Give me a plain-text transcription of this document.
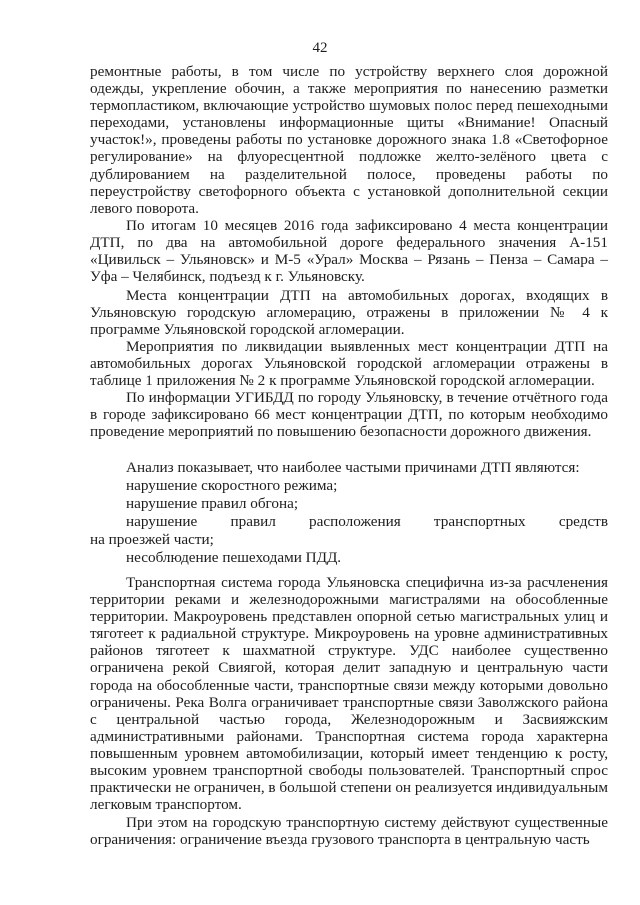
42

ремонтные работы, в том числе по устройству верхнего слоя дорожной одежды, укрепление обочин, а также мероприятия по нанесению разметки термопластиком, включающие устройство шумовых полос перед пешеходными переходами, установлены информационные щиты «Внимание! Опасный участок!», проведены работы по установке дорожного знака 1.8 «Светофорное регулирование» на флуоресцентной подложке желто-зелёного цвета с дублированием на разделительной полосе, проведены работы по переустройству светофорного объекта с установкой дополнительной секции левого поворота.

По итогам 10 месяцев 2016 года зафиксировано 4 места концентрации ДТП, по два на автомобильной дороге федерального значения А-151 «Цивильск – Ульяновск» и М-5 «Урал» Москва – Рязань – Пенза – Самара – Уфа – Челябинск, подъезд к г. Ульяновску.

Места концентрации ДТП на автомобильных дорогах, входящих в Ульяновскую городскую агломерацию, отражены в приложении № 4 к программе Ульяновской городской агломерации.

Мероприятия по ликвидации выявленных мест концентрации ДТП на автомобильных дорогах Ульяновской городской агломерации отражены в таблице 1 приложения № 2 к программе Ульяновской городской агломерации.

По информации УГИБДД по городу Ульяновску, в течение отчётного года в городе зафиксировано 66 мест концентрации ДТП, по которым необходимо проведение мероприятий по повышению безопасности дорожного движения.

Анализ показывает, что наиболее частыми причинами ДТП являются:

нарушение скоростного режима;

нарушение правил обгона;

нарушение правил расположения транспортных средств

на проезжей части;

несоблюдение пешеходами ПДД.

Транспортная система города Ульяновска специфична из-за расчленения территории реками и железнодорожными магистралями на обособленные территории. Макроуровень представлен опорной сетью магистральных улиц и тяготеет к радиальной структуре. Микроуровень на уровне административных районов тяготеет к шахматной структуре. УДС наиболее существенно ограничена рекой Свиягой, которая делит западную и центральную части города на обособленные части, транспортные связи между которыми довольно ограничены. Река Волга ограничивает транспортные связи Заволжского района с центральной частью города, Железнодорожным и Засвияжским административными районами. Транспортная система города характерна повышенным уровнем автомобилизации, который имеет тенденцию к росту, высоким уровнем транспортной свободы пользователей. Транспортный спрос практически не ограничен, в большой степени он реализуется индивидуальным легковым транспортом.

При этом на городскую транспортную систему действуют существенные ограничения: ограничение въезда грузового транспорта в центральную часть
